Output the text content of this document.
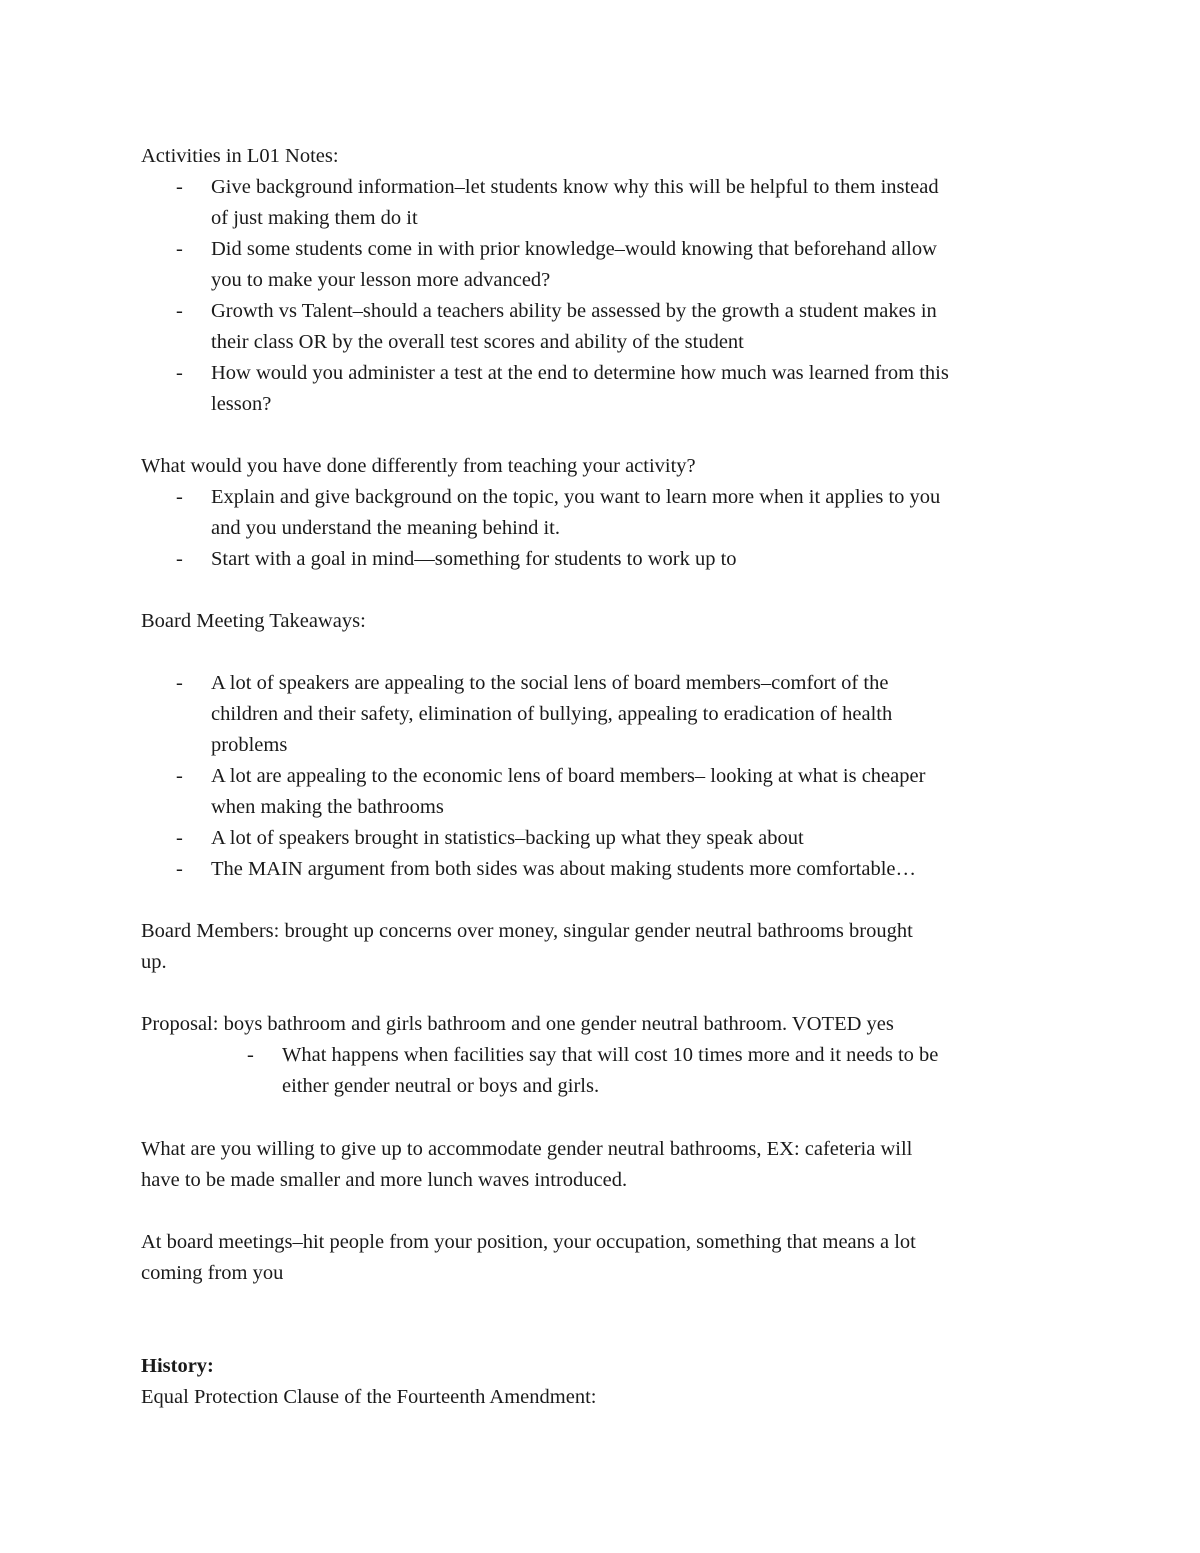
Activities in L01 Notes:
- Give background information–let students know why this will be helpful to them instead
of just making them do it
- Did some students come in with prior knowledge–would knowing that beforehand allow
you to make your lesson more advanced?
- Growth vs Talent–should a teachers ability be assessed by the growth a student makes in
their class OR by the overall test scores and ability of the student
- How would you administer a test at the end to determine how much was learned from this
lesson?
What would you have done differently from teaching your activity?
- Explain and give background on the topic, you want to learn more when it applies to you
and you understand the meaning behind it.
- Start with a goal in mind—something for students to work up to
Board Meeting Takeaways:
- A lot of speakers are appealing to the social lens of board members–comfort of the
children and their safety, elimination of bullying, appealing to eradication of health
problems
- A lot are appealing to the economic lens of board members– looking at what is cheaper
when making the bathrooms
- A lot of speakers brought in statistics–backing up what they speak about
- The MAIN argument from both sides was about making students more comfortable…
Board Members: brought up concerns over money, singular gender neutral bathrooms brought
up.
Proposal: boys bathroom and girls bathroom and one gender neutral bathroom. VOTED yes
- What happens when facilities say that will cost 10 times more and it needs to be
either gender neutral or boys and girls.
What are you willing to give up to accommodate gender neutral bathrooms, EX: cafeteria will
have to be made smaller and more lunch waves introduced.
At board meetings–hit people from your position, your occupation, something that means a lot
coming from you
History:
Equal Protection Clause of the Fourteenth Amendment:
